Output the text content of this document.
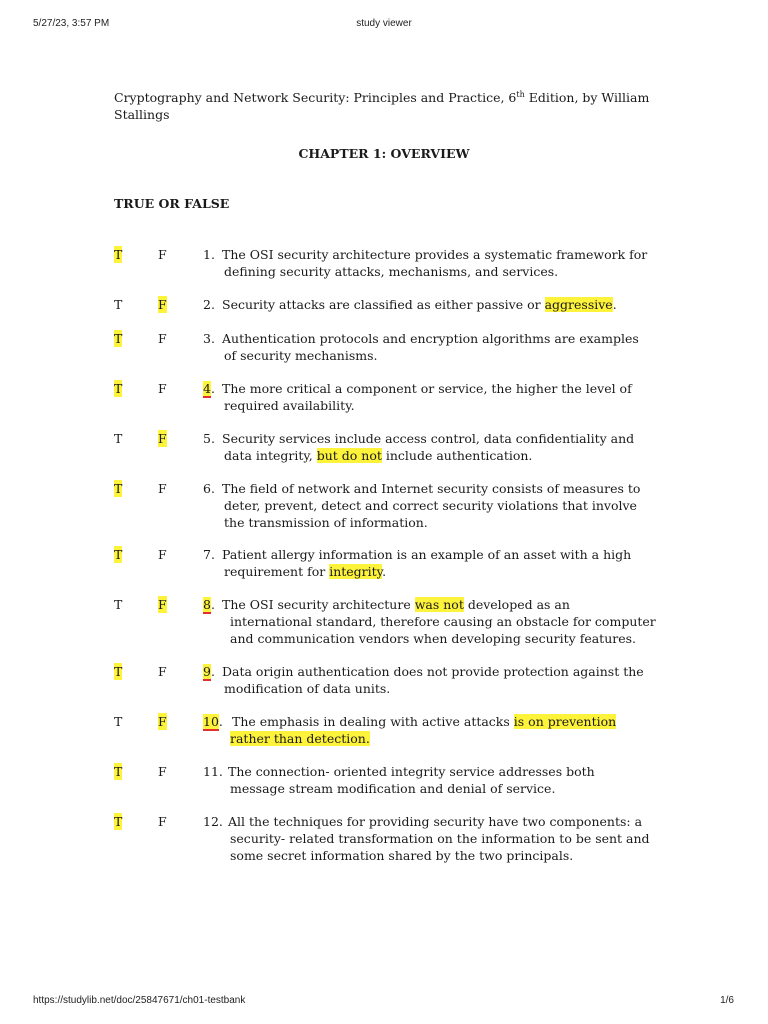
5/27/23, 3:57 PM	study viewer
https://studylib.net/doc/25847671/ch01-testbank	1/6

Cryptography and Network Security: Principles and Practice, 6th Edition, by William
Stallings

CHAPTER 1: OVERVIEW
TRUE OR FALSE
T	F	1. The OSI security architecture provides a systematic framework for
defining security attacks, mechanisms, and services.
T	F	2. Security attacks are classified as either passive or aggressive.
T	F	3. Authentication protocols and encryption algorithms are examples
of security mechanisms.
T	F	4. The more critical a component or service, the higher the level of
required availability.
T	F	5. Security services include access control, data confidentiality and
data integrity, but do not include authentication.
T	F	6. The field of network and Internet security consists of measures to
deter, prevent, detect and correct security violations that involve
the transmission of information.
T	F	7. Patient allergy information is an example of an asset with a high
requirement for integrity.
T	F	8. The OSI security architecture was not developed as an
international standard, therefore causing an obstacle for computer
and communication vendors when developing security features.
T	F	9. Data origin authentication does not provide protection against the
modification of data units.
T	F	10. The emphasis in dealing with active attacks is on prevention
rather than detection.
T	F	11. The connection- oriented integrity service addresses both
message stream modification and denial of service.
T	F	12. All the techniques for providing security have two components: a
security- related transformation on the information to be sent and
some secret information shared by the two principals.
